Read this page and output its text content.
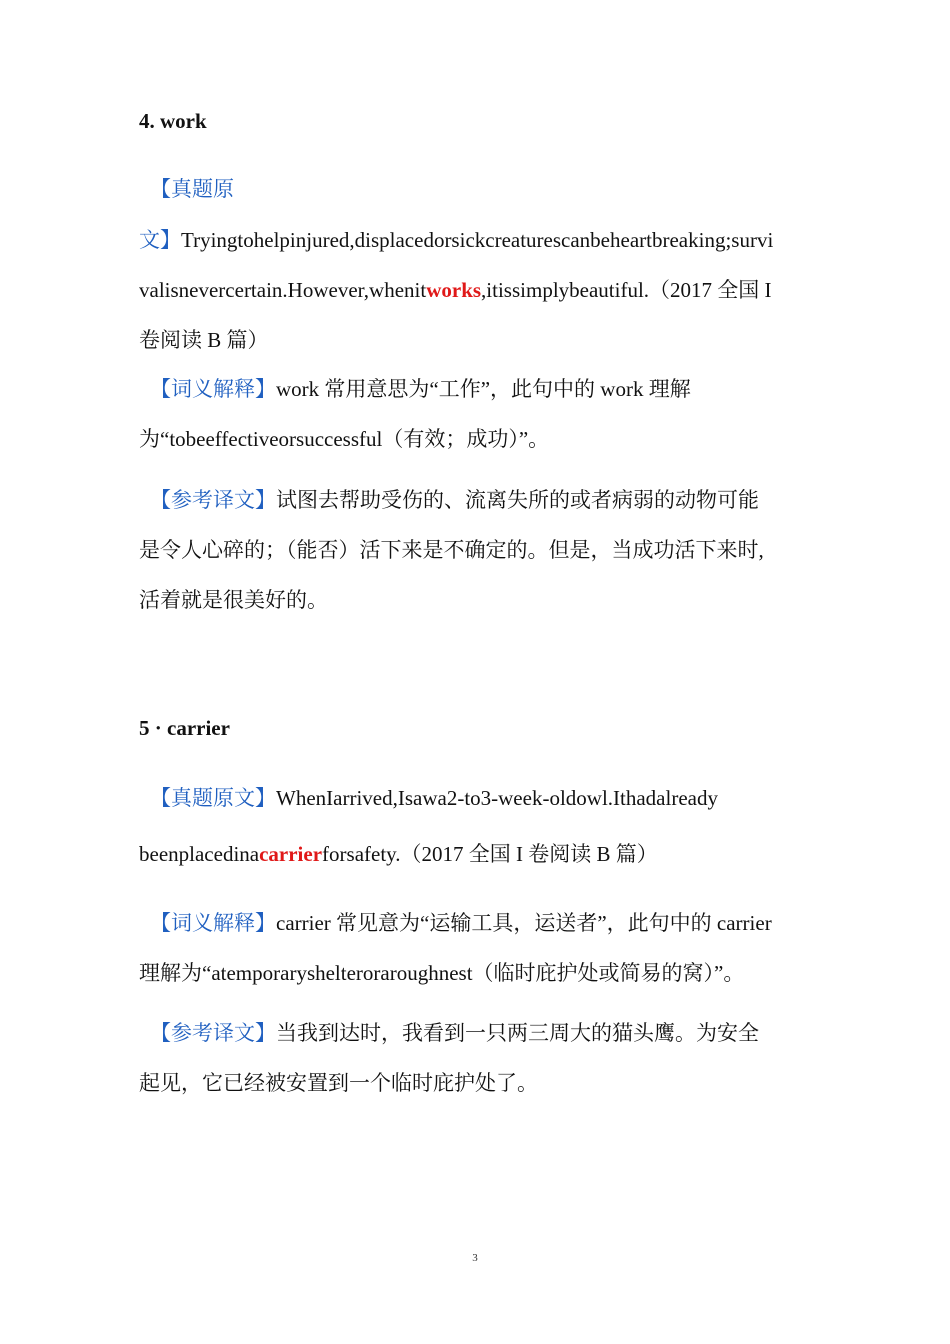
4. work
【真题原
文】Tryingtohelpinjured,displacedorsickcreaturescanbeheartbreaking;survi
valisnevercertain.However,whenitworks,itissimplybeautiful.（2017 全国 I
卷阅读 B 篇）
【词义解释】work 常用意思为“工作”，此句中的 work 理解
为“tobeeffectiveorsuccessful（有效；成功）”。
【参考译文】试图去帮助受伤的、流离失所的或者病弱的动物可能
是令人心碎的；（能否）活下来是不确定的。但是，当成功活下来时,
活着就是很美好的。
5 · carrier
【真题原文】WhenIarrived,Isawa2-to3-week-oldowl.Ithadalready
beenplacedinacarrierforsafety.（2017 全国 I 卷阅读 B 篇）
【词义解释】carrier 常见意为“运输工具，运送者”，此句中的 carrier
理解为“atemporaryshelteroraroughnest（临时庇护处或简易的窝）”。
【参考译文】当我到达时，我看到一只两三周大的猫头鹰。为安全
起见，它已经被安置到一个临时庇护处了。
3
